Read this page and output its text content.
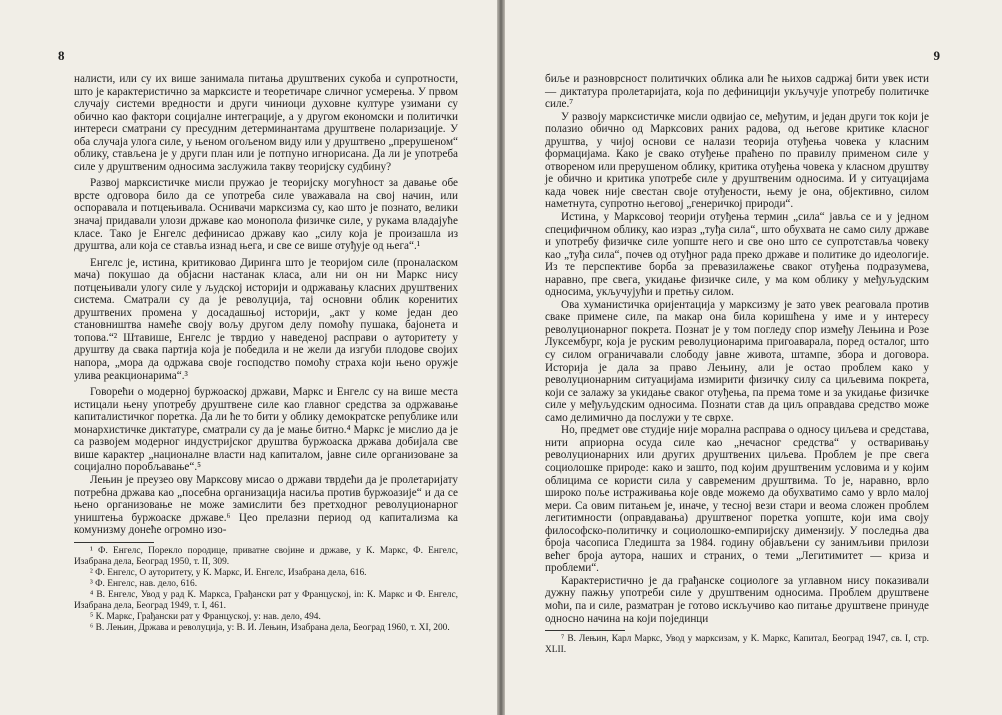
8

налисти, или су их више занимала питања друштвених сукоба и супротности, што је карактеристично за марксисте и теоретичаре сличног усмерења. У првом случају системи вредности и други чиниоци духовне културе узимани су обично као фактори социјалне интеграције, а у другом економски и политички интереси сматрани су пресудним детерминантама друштвене поларизације. У оба случаја улога силе, у њеном огољеном виду или у друштвено „прерушеном“ облику, стављена је у други план или је потпуно игнорисана. Да ли је употреба силе у друштвеним односима заслужила такву теоријску судбину?

Развој марксистичке мисли пружао је теоријску могућност за давање обе врсте одговора било да се употреба силе уважавала на свој начин, или оспоравала и потцењивала. Оснивачи марксизма су, као што је познато, велики значај придавали улози државе као монопола физичке силе, у рукама владајуће класе. Тако је Енгелс дефинисао државу као „силу која је произашла из друштва, али која се ставља изнад њега, и све се више отуђује од њега“.¹

Енгелс је, истина, критиковао Диринга што је теоријом силе (проналаском мача) покушао да објасни настанак класа, али ни он ни Маркс нису потцењивали улогу силе у људској историји и одржавању класних друштвених система. Сматрали су да је револуција, тај основни облик коренитих друштвених промена у досадашњој историји, „акт у коме један део становништва намеће своју вољу другом делу помоћу пушака, бајонета и топова.“² Штавише, Енгелс је тврдио у наведеној расправи о ауторитету у друштву да свака партија која је победила и не жели да изгуби плодове својих напора, „мора да одржава своје господство помоћу страха који њено оружје улива реакционарима“.³

Говорећи о модерној буржоаској држави, Маркс и Енгелс су на више места истицали њену употребу друштвене силе као главног средства за одржавање капиталистичког поретка. Да ли ће то бити у облику демократске републике или монархистичке диктатуре, сматрали су да је мање битно.⁴ Маркс је мислио да је са развојем модерног индустријског друштва буржоаска држава добијала све више карактер „националне власти над капиталом, јавне силе организоване за социјално поробљавање“.⁵

Лењин је преузео ову Марксову мисао о држави тврдећи да је пролетаријату потребна држава као „посебна организација насиља против буржоазије“ и да се њено организовање не може замислити без претходног револуционарног уништења буржоаске државе.⁶ Цео прелазни период од капитализма ка комунизму донеће огромно изо-

¹ Ф. Енгелс, Порекло породице, приватне својине и државе, у К. Маркс, Ф. Енгелс, Изабрана дела, Београд 1950, т. II, 309.

² Ф. Енгелс, О ауторитету, у К. Маркс, И. Енгелс, Изабрана дела, 616.

³ Ф. Енгелс, нав. дело, 616.

⁴ В. Енгелс, Увод у рад К. Маркса, Грађански рат у Француској, in: К. Маркс и Ф. Енгелс, Изабрана дела, Београд 1949, т. I, 461.

⁵ К. Маркс, Грађански рат у Француској, у: нав. дело, 494.

⁶ В. Лењин, Држава и револуција, у: В. И. Лењин, Изабрана дела, Београд 1960, т. XI, 200.

9

биље и разноврсност политичких облика али ће њихов садржај бити увек исти — диктатура пролетаријата, која по дефиницији укључује употребу политичке силе.⁷

У развоју марксистичке мисли одвијао се, међутим, и један други ток који је полазио обично од Марксових раних радова, од његове критике класног друштва, у чијој основи се налази теорија отуђења човека у класним формацијама. Како је свако отуђење праћено по правилу примeном силе у отвореном или прерушеном облику, критика отуђења човека у класном друштву је обично и критика употребе силе у друштвеним односима. И у ситуацијама када човек није свестан своје отуђености, њему је она, објективно, силом наметнута, супротно његовој „генеричкој природи“.

Истина, у Марксовој теорији отуђења термин „сила“ јавља се и у једном специфичном облику, као израз „туђа сила“, што обухвата не само силу државе и употребу физичке силе уопште него и све оно што се супротставља човеку као „туђа сила“, почев од отуђног рада преко државе и политике до идеологије. Из те перспективе борба за превазилажење сваког отуђења подразумева, наравно, пре свега, укидање физичке силе, у ма ком облику у међуљудским односима, укључујући и претњу силом.

Ова хуманистичка оријентација у марксизму је зато увек реаговала против сваке примене силе, па макар она била коришћена у име и у интересу револуционарног покрета. Познат је у том погледу спор између Лењина и Розе Луксембург, која је руским револуционарима пригоаварала, поред осталог, што су силом ограничавали слободу јавне живота, штампе, збора и договора. Историја је дала за право Лењину, али је остао проблем како у револуционарним ситуацијама измирити физичку силу са циљевима покрета, који се залажу за укидање сваког отуђења, па према томе и за укидање физичке силе у међуљудским односима. Познати став да циљ оправдава средство може само делимично да послужи у те сврхе.

Но, предмет ове студије није морална расправа о односу циљева и средстава, нити априорна осуда силе као „нечасног средства“ у остваривању револуционарних или других друштвених циљева. Проблем је пре свега социолошке природе: како и зашто, под којим друштвеним условима и у којим облицима се користи сила у савременим друштвима. То је, наравно, врло широко поље истраживања које овде можемо да обухватимо само у врло малој мери. Са овим питањем је, иначе, у тесној вези стари и веома сложен проблем легитимности (оправдавања) друштвеног поретка уопште, који има своју философско-политичку и социолошко-емпиријску димензију. У последња два броја часописа Гледишта за 1984. годину објављени су занимљиви прилози већег броја аутора, наших и страних, о теми „Легитимитет — криза и проблеми“.

Карактеристично је да грађанске социологе за углавном нису показивали дужну пажњу употреби силе у друштвеним односима. Проблем друштвене моћи, па и силе, разматран је готово искључиво као питање друштвене принуде односно начина на који појединци

⁷ В. Лењин, Карл Маркс, Увод у марксизам, у К. Маркс, Капитал, Београд 1947, св. I, стр. XLII.
